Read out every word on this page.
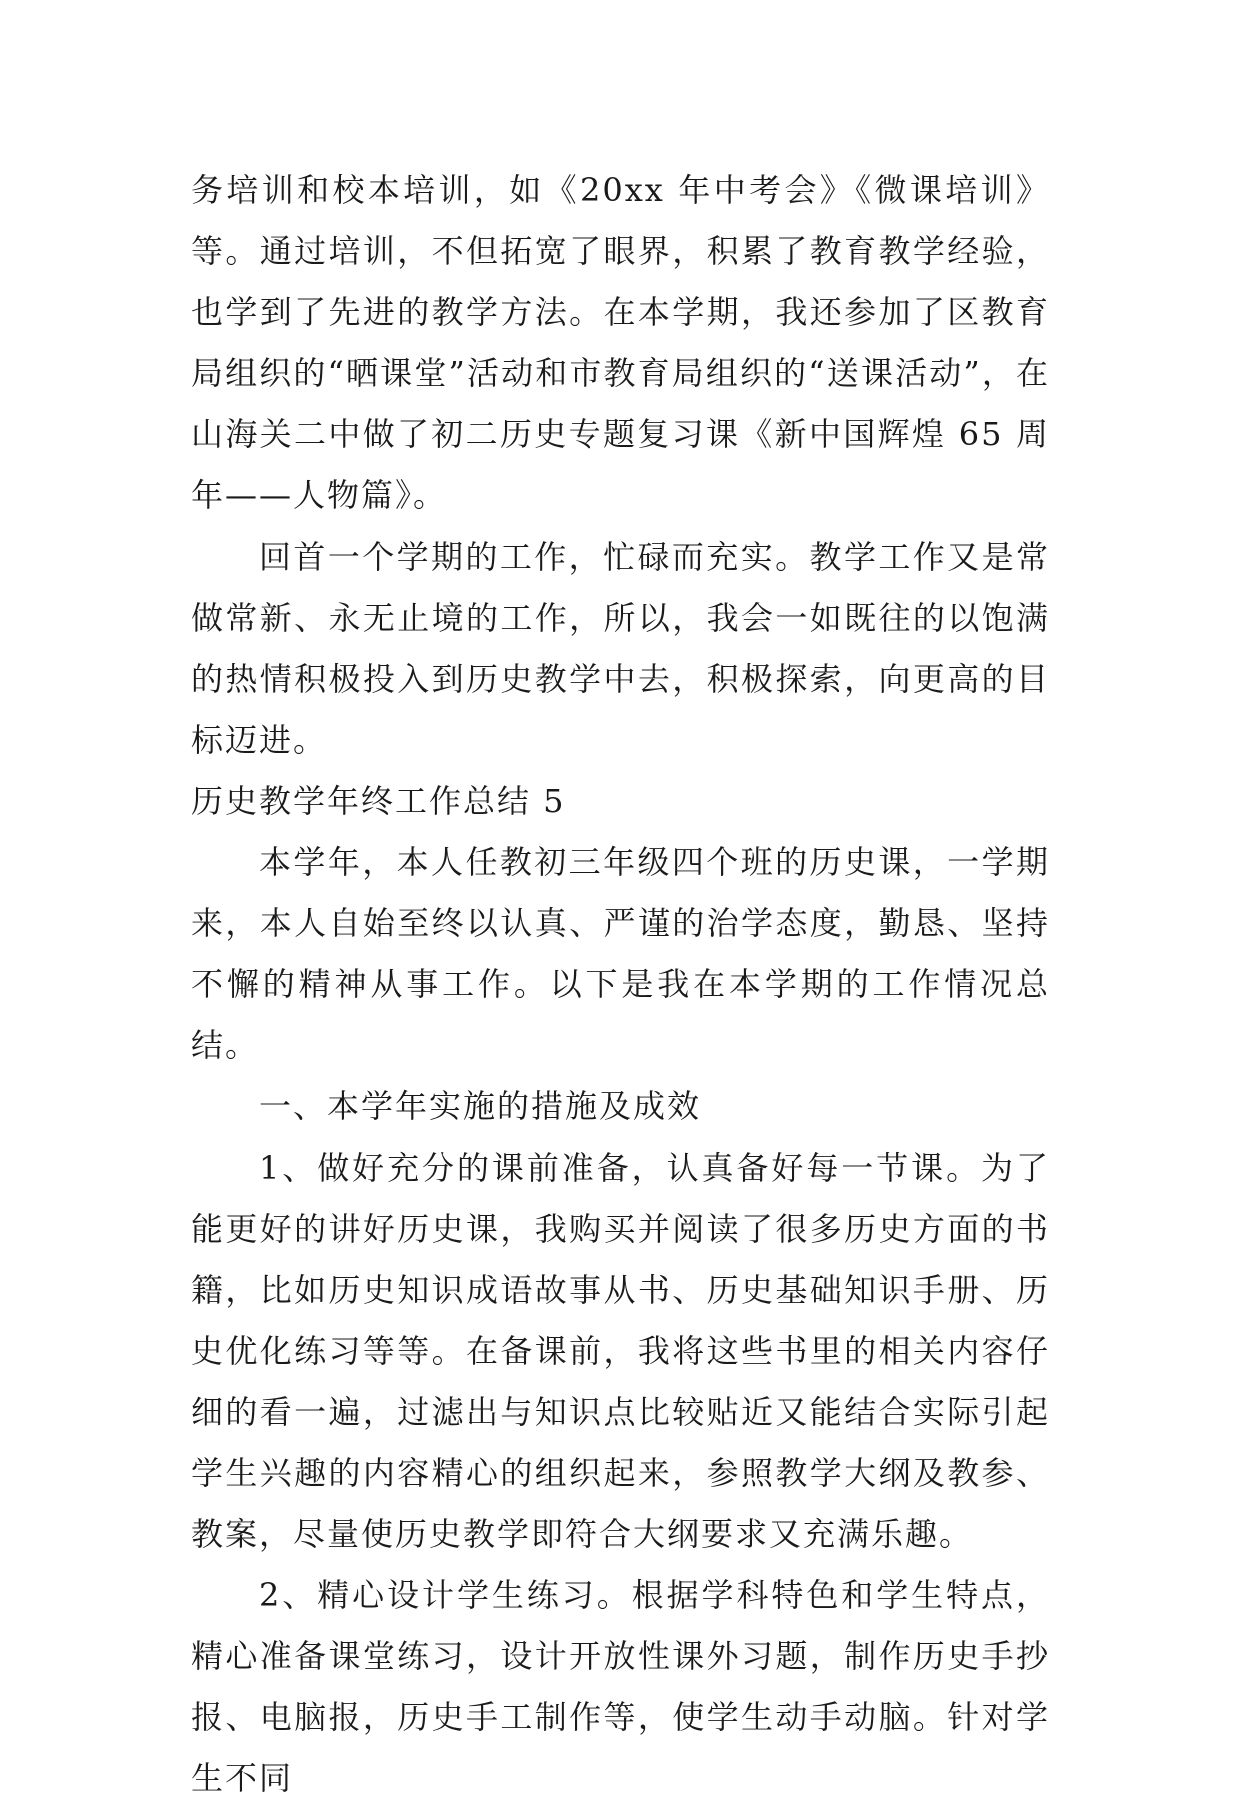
务培训和校本培训，如《20xx 年中考会》《微课培训》等。通过培训，不但拓宽了眼界，积累了教育教学经验，也学到了先进的教学方法。在本学期，我还参加了区教育局组织的“晒课堂”活动和市教育局组织的“送课活动”，在山海关二中做了初二历史专题复习课《新中国辉煌 65 周年——人物篇》。

回首一个学期的工作，忙碌而充实。教学工作又是常做常新、永无止境的工作，所以，我会一如既往的以饱满的热情积极投入到历史教学中去，积极探索，向更高的目标迈进。

历史教学年终工作总结 5

本学年，本人任教初三年级四个班的历史课，一学期来，本人自始至终以认真、严谨的治学态度，勤恳、坚持不懈的精神从事工作。以下是我在本学期的工作情况总结。

一、本学年实施的措施及成效

1、做好充分的课前准备，认真备好每一节课。为了能更好的讲好历史课，我购买并阅读了很多历史方面的书籍，比如历史知识成语故事从书、历史基础知识手册、历史优化练习等等。在备课前，我将这些书里的相关内容仔细的看一遍，过滤出与知识点比较贴近又能结合实际引起学生兴趣的内容精心的组织起来，参照教学大纲及教参、教案，尽量使历史教学即符合大纲要求又充满乐趣。

2、精心设计学生练习。根据学科特色和学生特点，精心准备课堂练习，设计开放性课外习题，制作历史手抄报、电脑报，历史手工制作等，使学生动手动脑。针对学生不同
